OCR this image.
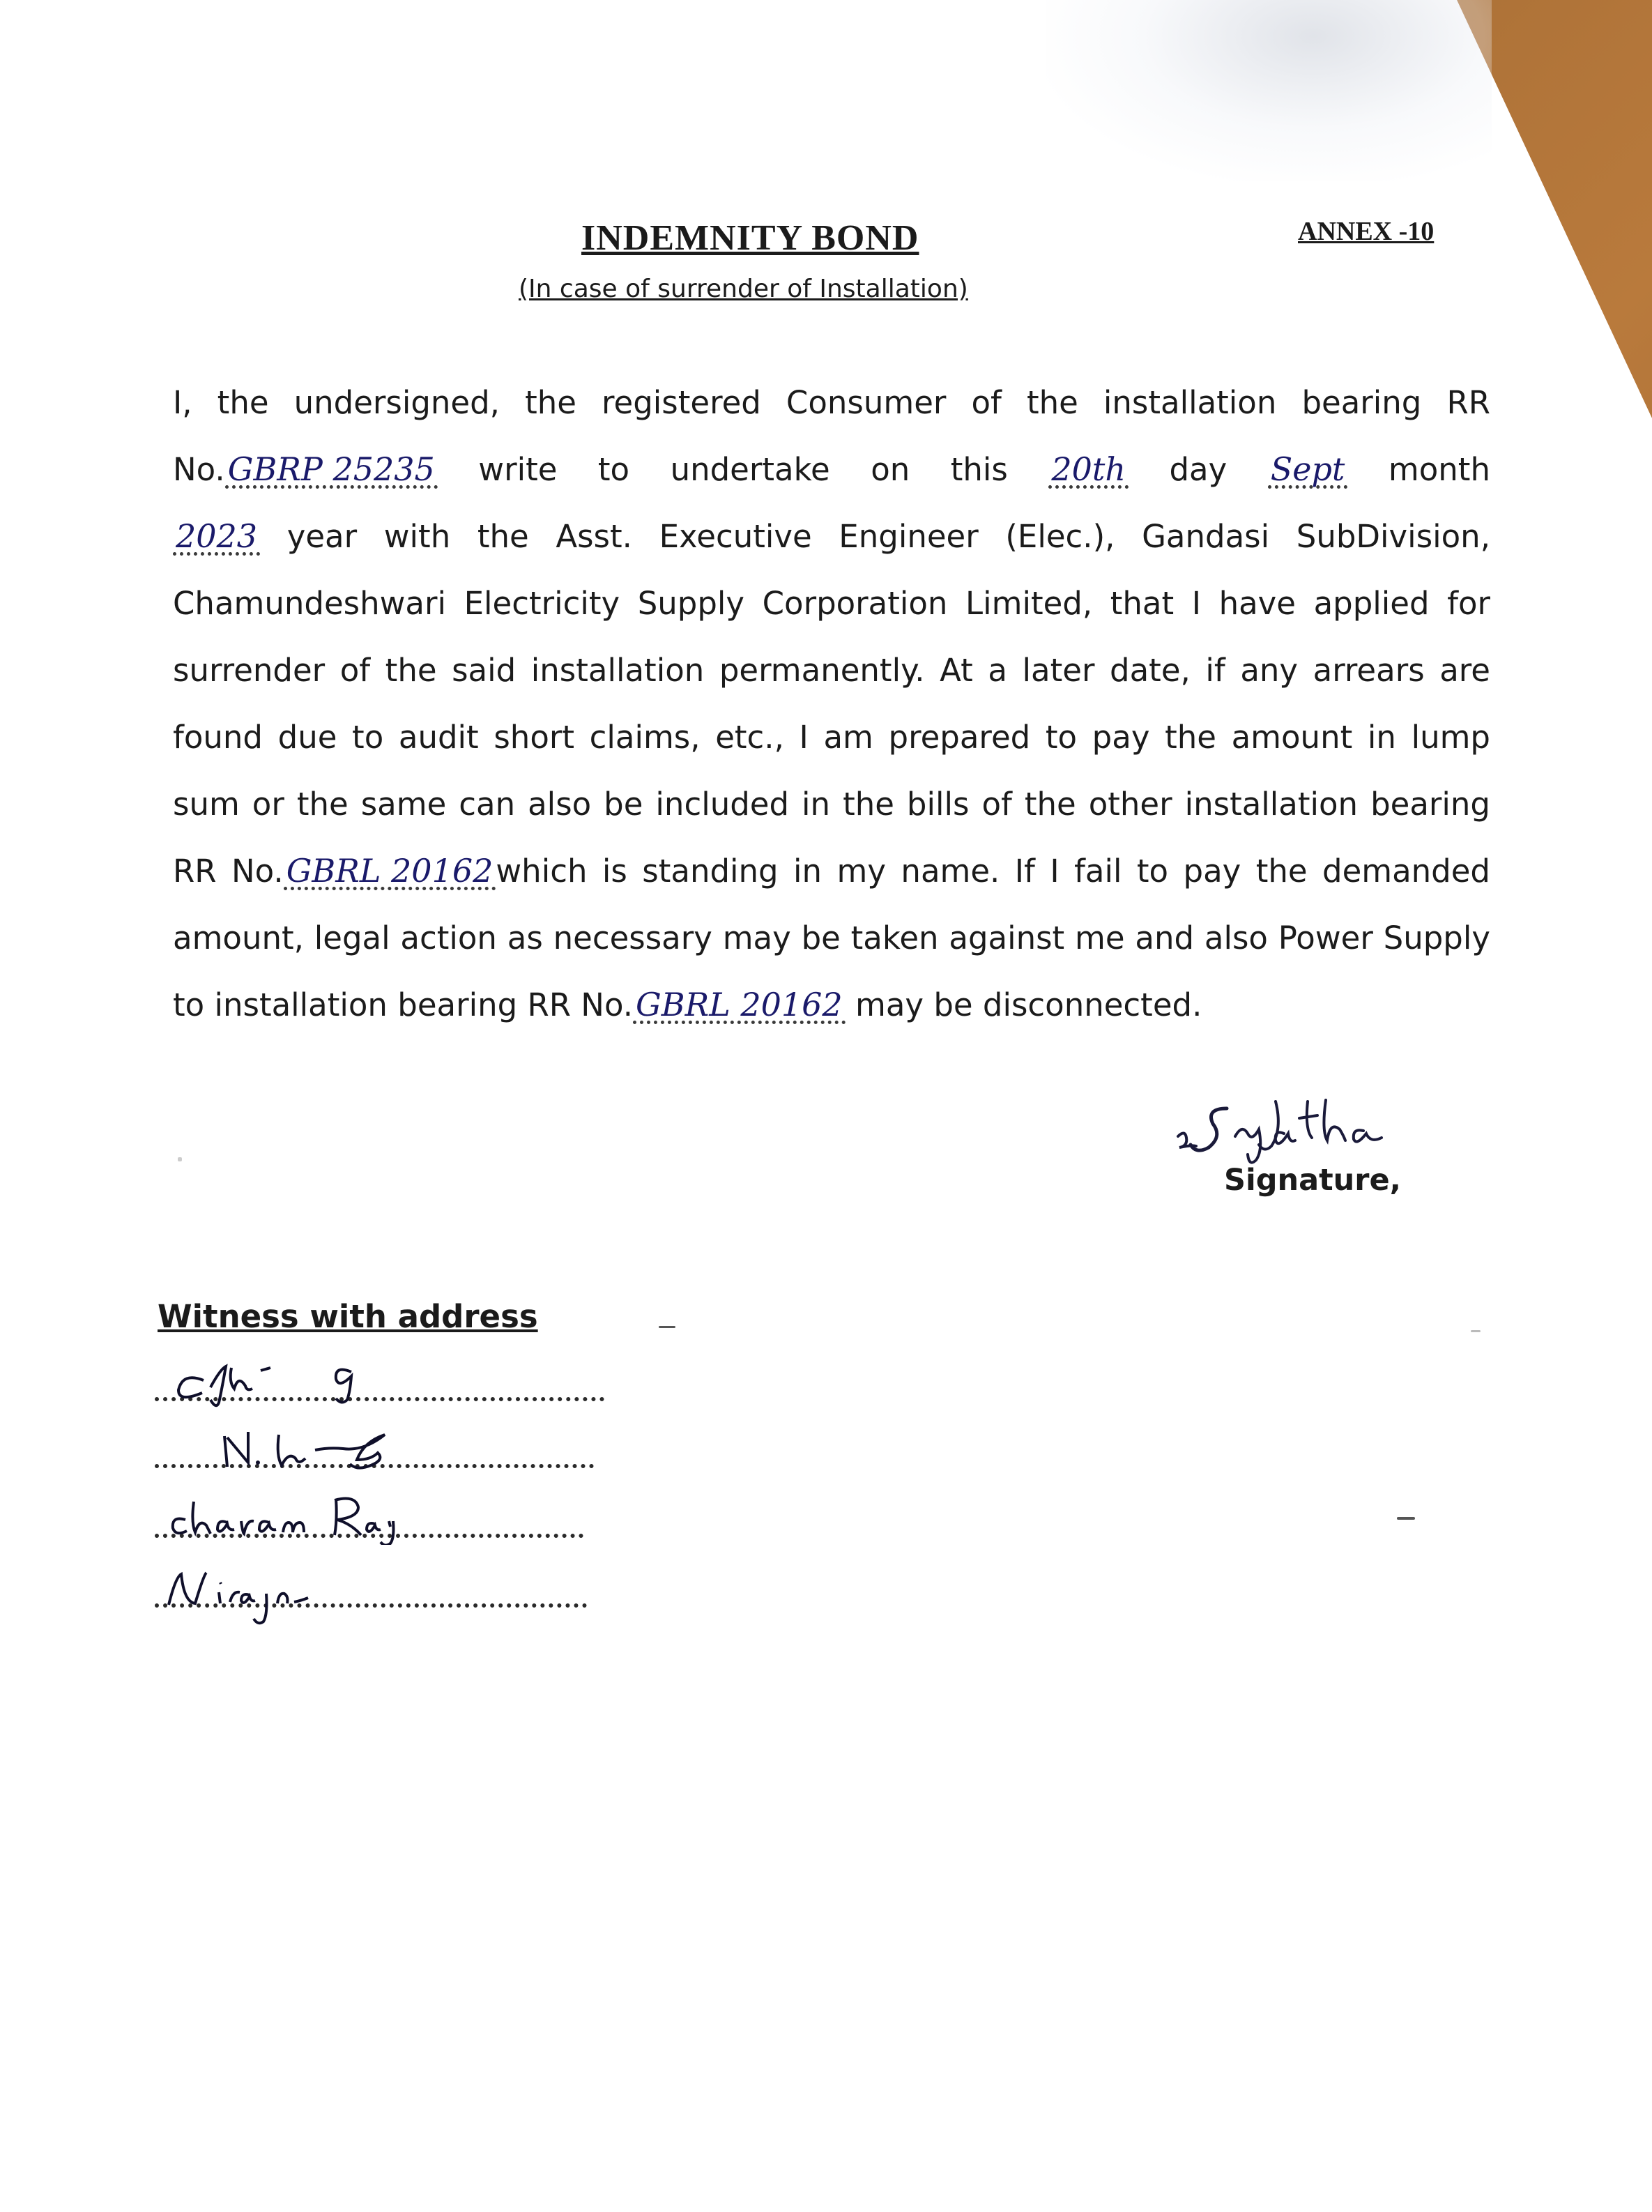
INDEMNITY BOND	ANNEX -10
(In case of surrender of Installation)
I, the undersigned, the registered Consumer of the installation bearing RR
No.GBRP 25235 write to undertake on this 20th day Sept month
2023 year with the Asst. Executive Engineer (Elec.), Gandasi SubDivision,
Chamundeshwari Electricity Supply Corporation Limited, that I have applied for
surrender of the said installation permanently. At a later date, if any arrears are
found due to audit short claims, etc., I am prepared to pay the amount in lump
sum or the same can also be included in the bills of the other installation bearing
RR No.GBRL 20162which is standing in my name. If I fail to pay the demanded
amount, legal action as necessary may be taken against me and also Power Supply
to installation bearing RR No.GBRL 20162 may be disconnected.
Signature,
Witness with address
